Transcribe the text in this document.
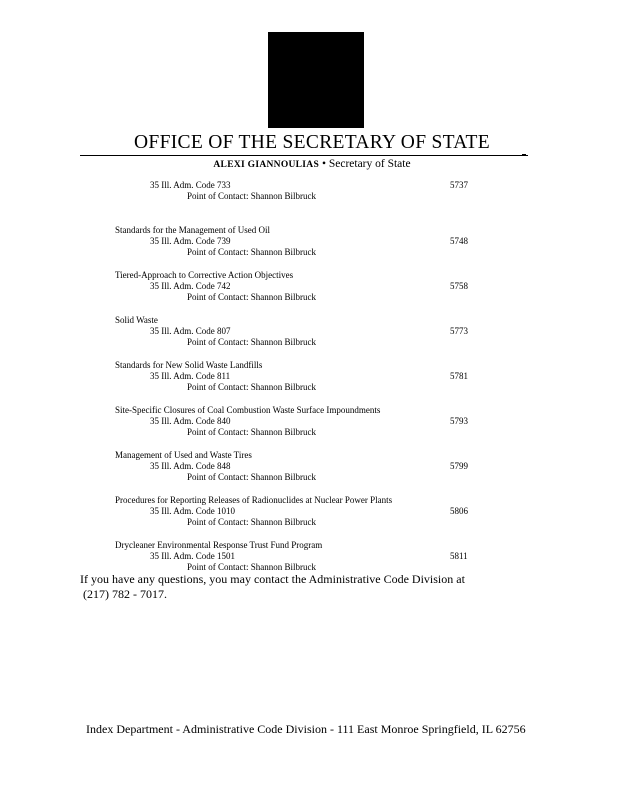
OFFICE OF THE SECRETARY OF STATE
ALEXI GIANNOULIAS • Secretary of State
35 Ill. Adm. Code 733	5737
Point of Contact: Shannon Bilbruck
Standards for the Management of Used Oil
35 Ill. Adm. Code 739	5748
Point of Contact: Shannon Bilbruck
Tiered-Approach to Corrective Action Objectives
35 Ill. Adm. Code 742	5758
Point of Contact: Shannon Bilbruck
Solid Waste
35 Ill. Adm. Code 807	5773
Point of Contact: Shannon Bilbruck
Standards for New Solid Waste Landfills
35 Ill. Adm. Code 811	5781
Point of Contact: Shannon Bilbruck
Site-Specific Closures of Coal Combustion Waste Surface Impoundments
35 Ill. Adm. Code 840	5793
Point of Contact: Shannon Bilbruck
Management of Used and Waste Tires
35 Ill. Adm. Code 848	5799
Point of Contact: Shannon Bilbruck
Procedures for Reporting Releases of Radionuclides at Nuclear Power Plants
35 Ill. Adm. Code 1010	5806
Point of Contact: Shannon Bilbruck
Drycleaner Environmental Response Trust Fund Program
35 Ill. Adm. Code 1501	5811
Point of Contact: Shannon Bilbruck
If you have any questions, you may contact the Administrative Code Division at
(217) 782 - 7017.
Index Department - Administrative Code Division - 111 East Monroe Springfield, IL 62756
